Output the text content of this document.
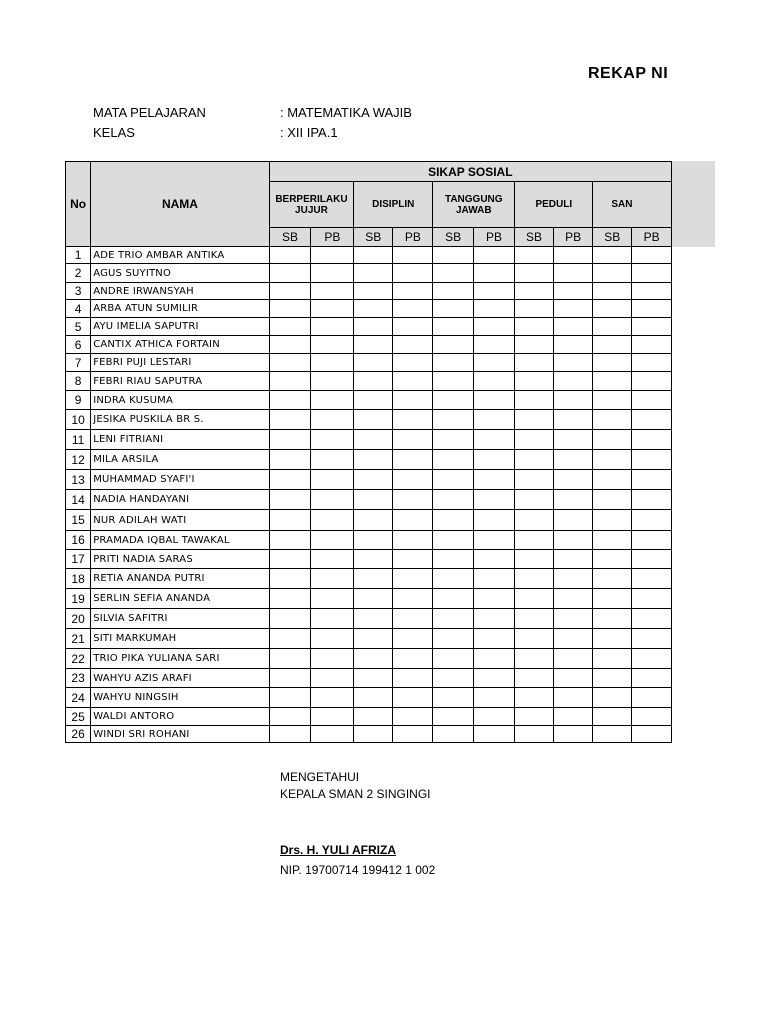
REKAP NI
MATA PELAJARAN	: MATEMATIKA WAJIB
KELAS	: XII IPA.1
No	NAMA	SIKAP SOSIAL									
		BERPERILAKU JUJUR		DISIPLIN		TANGGUNG JAWAB		PEDULI		SAN	
		SB	PB	SB	PB	SB	PB	SB	PB	SB	PB
1	ADE TRIO AMBAR ANTIKA										
2	AGUS SUYITNO										
3	ANDRE IRWANSYAH										
4	ARBA ATUN SUMILIR										
5	AYU IMELIA SAPUTRI										
6	CANTIX ATHICA FORTAIN										
7	FEBRI PUJI LESTARI										
8	FEBRI RIAU SAPUTRA										
9	INDRA KUSUMA										
10	JESIKA PUSKILA BR S.										
11	LENI FITRIANI										
12	MILA ARSILA										
13	MUHAMMAD SYAFI'I										
14	NADIA HANDAYANI										
15	NUR ADILAH WATI										
16	PRAMADA IQBAL TAWAKAL										
17	PRITI NADIA SARAS										
18	RETIA ANANDA PUTRI										
19	SERLIN SEFIA ANANDA										
20	SILVIA SAFITRI										
21	SITI MARKUMAH										
22	TRIO PIKA YULIANA SARI										
23	WAHYU AZIS ARAFI										
24	WAHYU NINGSIH										
25	WALDI ANTORO										
26	WINDI SRI ROHANI										
MENGETAHUI
KEPALA SMAN 2 SINGINGI
Drs. H. YULI AFRIZA
NIP. 19700714 199412 1 002
